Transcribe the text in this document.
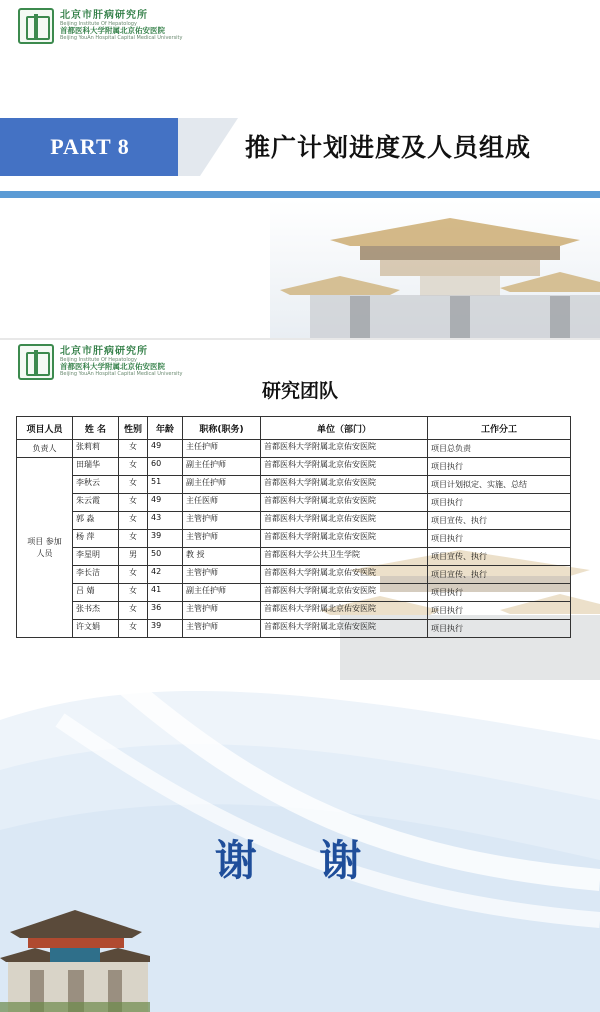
北京市肝病研究所
Beijing Institute Of Hepatology
首都医科大学附属北京佑安医院
Beijing YouAn Hospital Capital Medical University
PART 8	推广计划进度及人员组成
北京市肝病研究所
Beijing Institute Of Hepatology
首都医科大学附属北京佑安医院
Beijing YouAn Hospital Capital Medical University
研究团队
项目人员	姓 名	性别	年龄	职称(职务)	单位（部门）	工作分工
负责人	张莉莉	女	49	主任护师	首都医科大学附属北京佑安医院	项目总负责
项目 参加
人员	田瑞华	女	60	副主任护师	首都医科大学附属北京佑安医院	项目执行
	李秋云	女	51	副主任护师	首都医科大学附属北京佑安医院	项目计划拟定、实施、总结
	朱云霞	女	49	主任医师	首都医科大学附属北京佑安医院	项目执行
	郭 淼	女	43	主管护师	首都医科大学附属北京佑安医院	项目宣传、执行
	杨 萍	女	39	主管护师	首都医科大学附属北京佑安医院	项目执行
	李星明	男	50	教 授	首都医科大学公共卫生学院	项目宣传、执行
	李长洁	女	42	主管护师	首都医科大学附属北京佑安医院	项目宣传、执行
	吕 婧	女	41	副主任护师	首都医科大学附属北京佑安医院	项目执行
	张书杰	女	36	主管护师	首都医科大学附属北京佑安医院	项目执行
	许文娟	女	39	主管护师	首都医科大学附属北京佑安医院	项目执行
谢 谢
